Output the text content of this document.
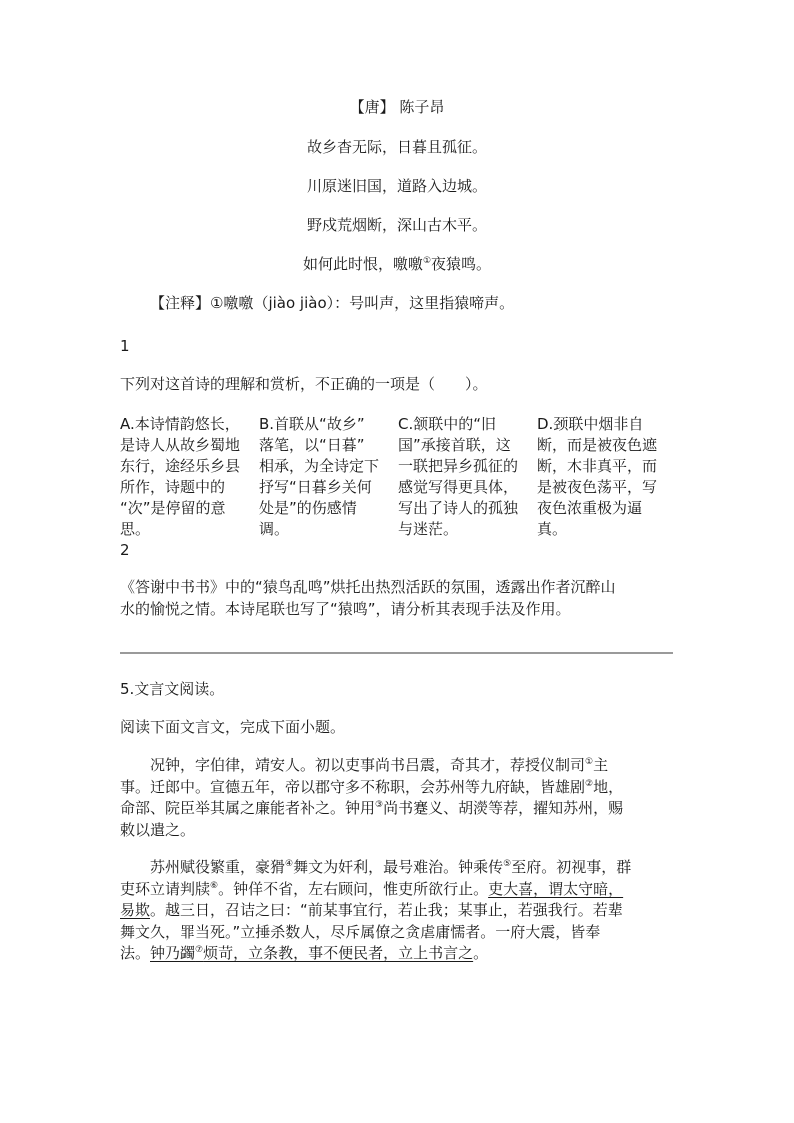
【唐】 陈子昂
故乡杳无际，日暮且孤征。
川原迷旧国，道路入边城。
野戍荒烟断，深山古木平。
如何此时恨，噭噭①夜猿鸣。
【注释】①噭噭（jiào jiào）：号叫声，这里指猿啼声。
1
下列对这首诗的理解和赏析，不正确的一项是（　　）。
A.本诗情韵悠长，
是诗人从故乡蜀地
东行，途经乐乡县
所作，诗题中的
“次”是停留的意
思。
B.首联从“故乡”
落笔，以“日暮”
相承，为全诗定下
抒写“日暮乡关何
处是”的伤感情
调。
C.颔联中的“旧
国”承接首联，这
一联把异乡孤征的
感觉写得更具体，
写出了诗人的孤独
与迷茫。
D.颈联中烟非自
断，而是被夜色遮
断，木非真平，而
是被夜色荡平，写
夜色浓重极为逼
真。
2
《答谢中书书》中的“猿鸟乱鸣”烘托出热烈活跃的氛围，透露出作者沉醉山
水的愉悦之情。本诗尾联也写了“猿鸣”，请分析其表现手法及作用。
5.文言文阅读。
阅读下面文言文，完成下面小题。
　　况钟，字伯律，靖安人。初以吏事尚书吕震，奇其才，荐授仪制司①主
事。迁郎中。宣德五年，帝以郡守多不称职，会苏州等九府缺，皆雄剧②地，
命部、院臣举其属之廉能者补之。钟用③尚书蹇义、胡濙等荐，擢知苏州，赐
敕以遣之。
　　苏州赋役繁重，豪猾④舞文为奸利，最号难治。钟乘传⑤至府。初视事，群
吏环立请判牍⑥。钟佯不省，左右顾问，惟吏所欲行止。吏大喜，谓太守暗，
易欺。越三日，召诘之曰：“前某事宜行，若止我；某事止，若强我行。若辈
舞文久，罪当死。”立捶杀数人，尽斥属僚之贪虐庸懦者。一府大震，皆奉
法。钟乃蠲⑦烦苛，立条教，事不便民者，立上书言之。
